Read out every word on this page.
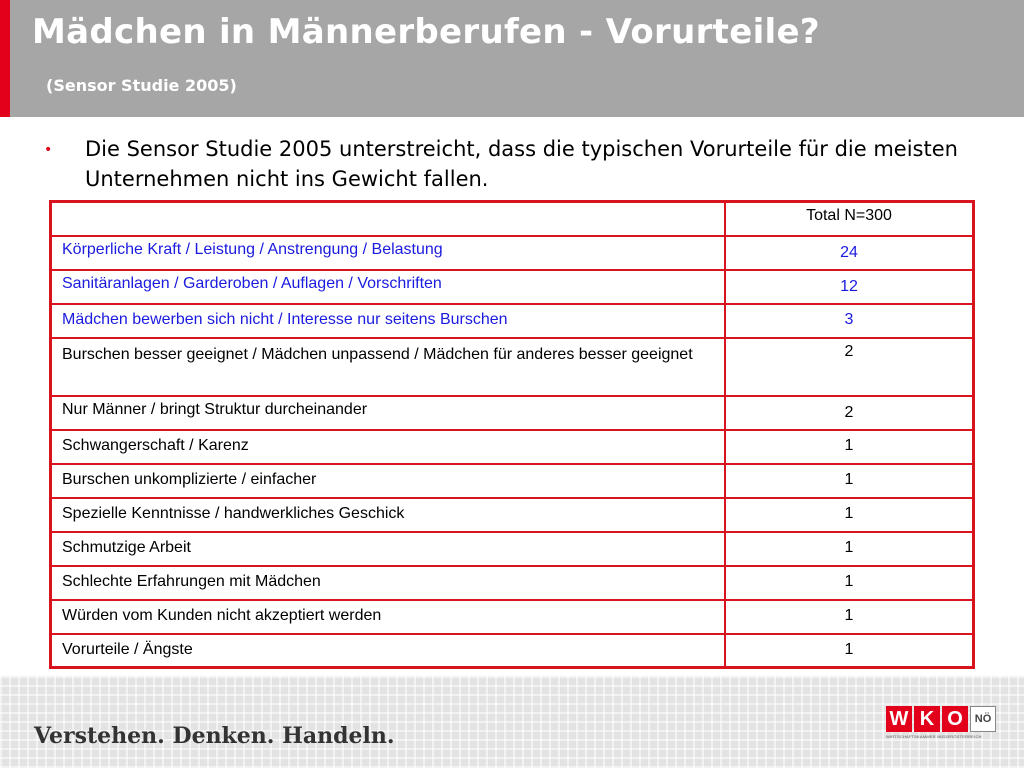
Mädchen in Männerberufen - Vorurteile?
(Sensor Studie 2005)
• Die Sensor Studie 2005 unterstreicht, dass die typischen Vorurteile für die meisten Unternehmen nicht ins Gewicht fallen.
	Total N=300
Körperliche Kraft / Leistung / Anstrengung / Belastung	24
Sanitäranlagen / Garderoben / Auflagen / Vorschriften	12
Mädchen bewerben sich nicht / Interesse nur seitens Burschen	3
Burschen besser geeignet / Mädchen unpassend / Mädchen für anderes besser geeignet	2
Nur Männer / bringt Struktur durcheinander	2
Schwangerschaft / Karenz	1
Burschen unkomplizierte / einfacher	1
Spezielle Kenntnisse / handwerkliches Geschick	1
Schmutzige Arbeit	1
Schlechte Erfahrungen mit Mädchen	1
Würden vom Kunden nicht akzeptiert werden	1
Vorurteile / Ängste	1
Verstehen. Denken. Handeln.
W K O	NÖ
WIRTSCHAFTSKAMMER NIEDERÖSTERREICH
